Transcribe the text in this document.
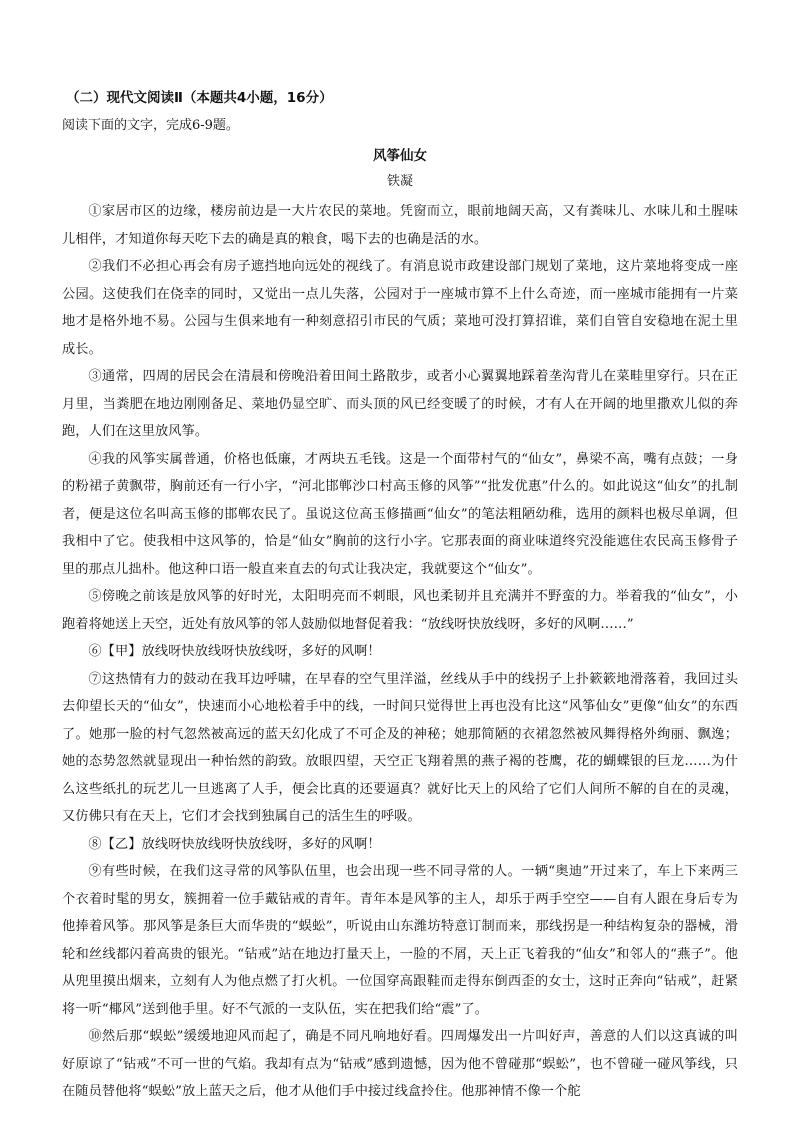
（二）现代文阅读Ⅱ（本题共4小题，16分）
阅读下面的文字，完成6-9题。
风筝仙女
铁凝

①家居市区的边缘，楼房前边是一大片农民的菜地。凭窗而立，眼前地阔天高，又有粪味儿、水味儿和土腥味儿相伴，才知道你每天吃下去的确是真的粮食，喝下去的也确是活的水。

②我们不必担心再会有房子遮挡地向远处的视线了。有消息说市政建设部门规划了菜地，这片菜地将变成一座公园。这使我们在侥幸的同时，又觉出一点儿失落，公园对于一座城市算不上什么奇迹，而一座城市能拥有一片菜地才是格外地不易。公园与生俱来地有一种刻意招引市民的气质；菜地可没打算招谁，菜们自管自安稳地在泥土里成长。

③通常，四周的居民会在清晨和傍晚沿着田间土路散步，或者小心翼翼地踩着垄沟背儿在菜畦里穿行。只在正月里，当粪肥在地边刚刚备足、菜地仍显空旷、而头顶的风已经变暖了的时候，才有人在开阔的地里撒欢儿似的奔跑，人们在这里放风筝。

④我的风筝实属普通，价格也低廉，才两块五毛钱。这是一个面带村气的“仙女”，鼻梁不高，嘴有点鼓；一身的粉裙子黄飘带，胸前还有一行小字，“河北邯郸沙口村高玉修的风筝”“批发优惠”什么的。如此说这“仙女”的扎制者，便是这位名叫高玉修的邯郸农民了。虽说这位高玉修描画“仙女”的笔法粗陋幼稚，选用的颜料也极尽单调，但我相中了它。使我相中这风筝的，恰是“仙女”胸前的这行小字。它那表面的商业味道终究没能遮住农民高玉修骨子里的那点儿拙朴。他这种口语一般直来直去的句式让我决定，我就要这个“仙女”。

⑤傍晚之前该是放风筝的好时光，太阳明亮而不刺眼，风也柔韧并且充满并不野蛮的力。举着我的“仙女”，小跑着将她送上天空，近处有放风筝的邻人鼓励似地督促着我：“放线呀快放线呀，多好的风啊……”

⑥【甲】放线呀快放线呀快放线呀，多好的风啊！

⑦这热情有力的鼓动在我耳边呼啸，在早春的空气里洋溢，丝线从手中的线拐子上扑簌簌地滑落着，我回过头去仰望长天的“仙女”，快速而小心地松着手中的线，一时间只觉得世上再也没有比这“风筝仙女”更像“仙女”的东西了。她那一脸的村气忽然被高远的蓝天幻化成了不可企及的神秘；她那简陋的衣裙忽然被风舞得格外绚丽、飘逸；她的态势忽然就显现出一种怡然的韵致。放眼四望，天空正飞翔着黑的燕子褐的苍鹰，花的蝴蝶银的巨龙……为什么这些纸扎的玩艺儿一旦逃离了人手，便会比真的还要逼真？就好比天上的风给了它们人间所不解的自在的灵魂，又仿佛只有在天上，它们才会找到独属自己的活生生的呼吸。

⑧【乙】放线呀快放线呀快放线呀，多好的风啊！

⑨有些时候，在我们这寻常的风筝队伍里，也会出现一些不同寻常的人。一辆“奥迪”开过来了，车上下来两三个衣着时髦的男女，簇拥着一位手戴钻戒的青年。青年本是风筝的主人，却乐于两手空空——自有人跟在身后专为他捧着风筝。那风筝是条巨大而华贵的“蜈蚣”，听说由山东潍坊特意订制而来，那线拐是一种结构复杂的器械，滑轮和丝线都闪着高贵的银光。“钻戒”站在地边打量天上，一脸的不屑，天上正飞着我的“仙女”和邻人的“燕子”。他从兜里摸出烟来，立刻有人为他点燃了打火机。一位国穿高跟鞋而走得东倒西歪的女士，这时正奔向“钻戒”，赶紧将一听“椰风”送到他手里。好不气派的一支队伍，实在把我们给“震”了。

⑩然后那“蜈蚣”缓缓地迎风而起了，确是不同凡响地好看。四周爆发出一片叫好声，善意的人们以这真诚的叫好原谅了“钻戒”不可一世的气焰。我却有点为“钻戒”感到遗憾，因为他不曾碰那“蜈蚣”，也不曾碰一碰风筝线，只在随员替他将“蜈蚣”放上蓝天之后，他才从他们手中接过线盒拎住。他那神情不像一个舵
